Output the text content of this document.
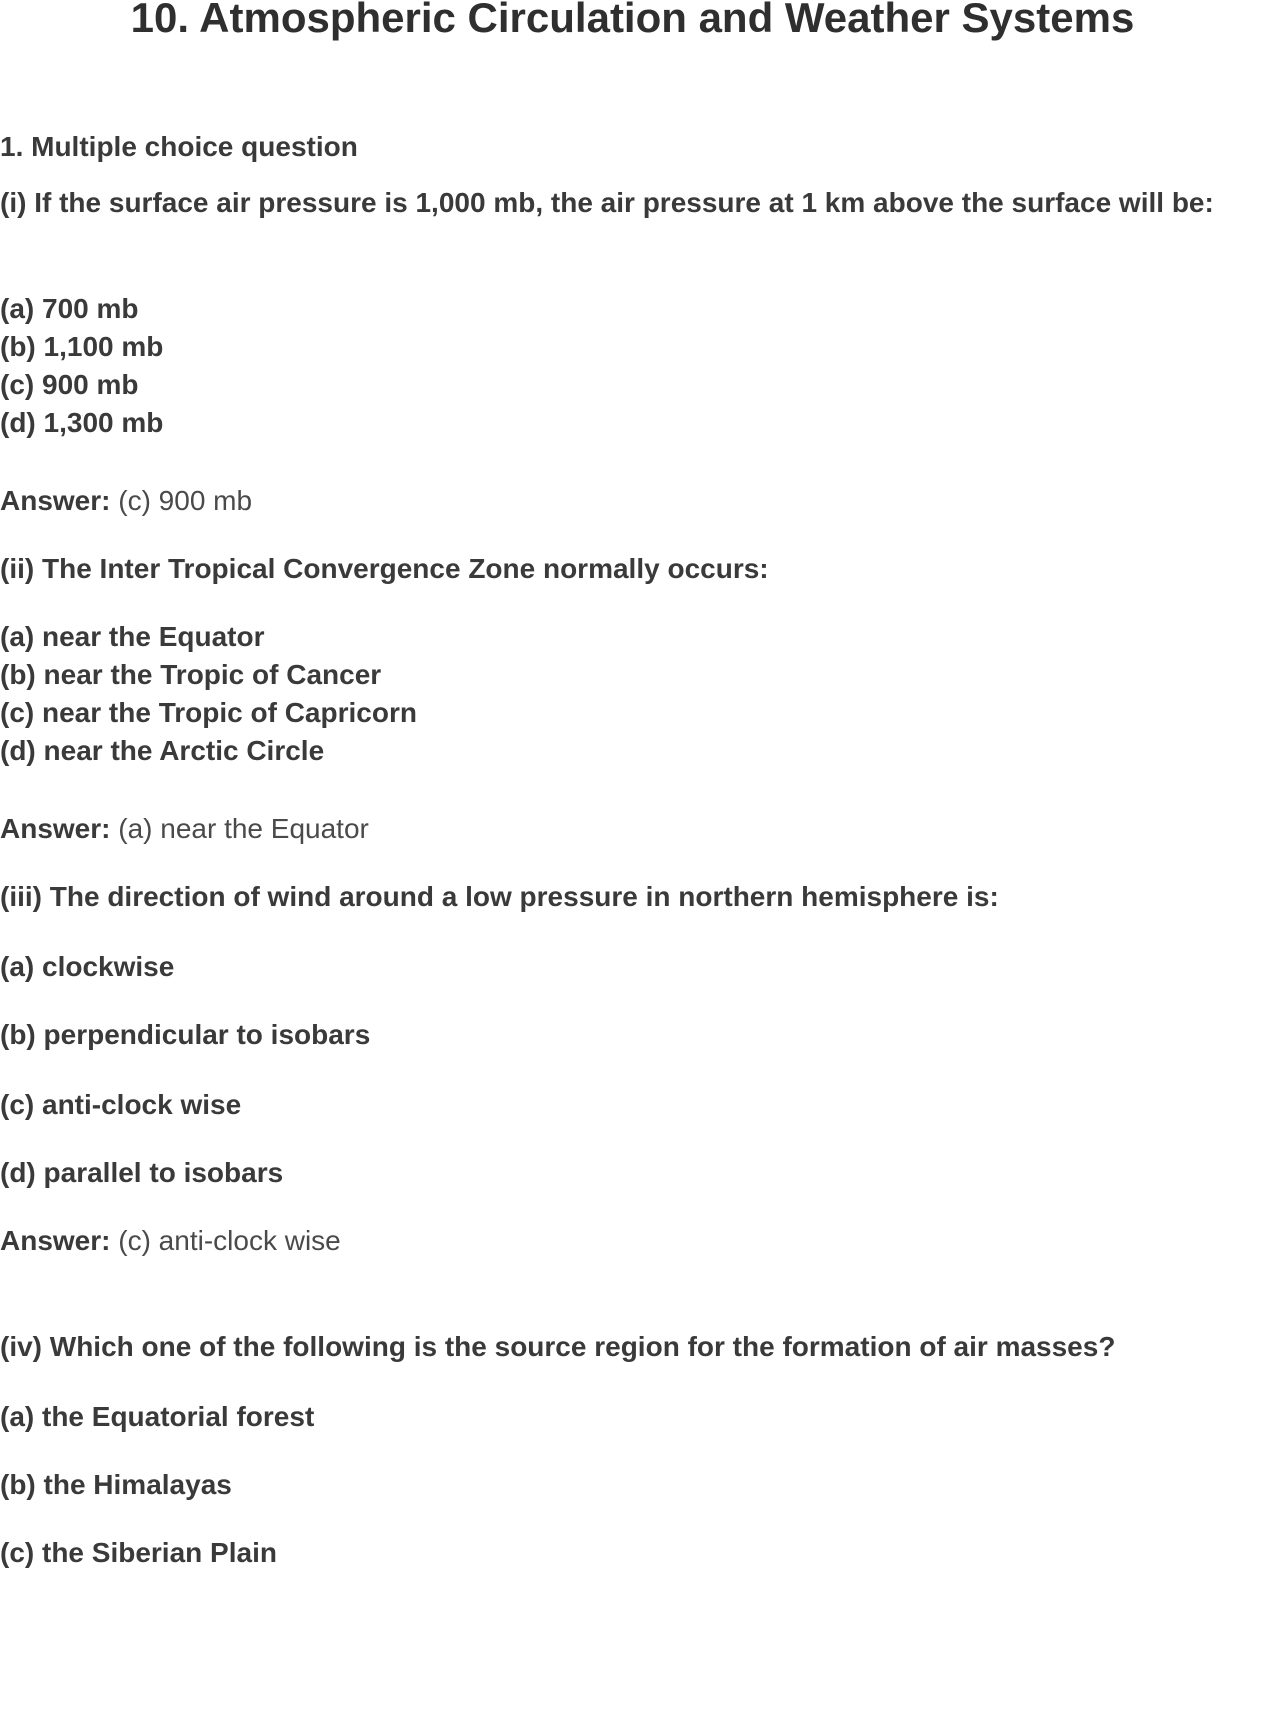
10. Atmospheric Circulation and Weather Systems

1. Multiple choice question

(i) If the surface air pressure is 1,000 mb, the air pressure at 1 km above the surface will be:

(a) 700 mb

(b) 1,100 mb

(c) 900 mb

(d) 1,300 mb

Answer: (c) 900 mb

(ii) The Inter Tropical Convergence Zone normally occurs:

(a) near the Equator

(b) near the Tropic of Cancer

(c) near the Tropic of Capricorn

(d) near the Arctic Circle

Answer: (a) near the Equator

(iii) The direction of wind around a low pressure in northern hemisphere is:

(a) clockwise

(b) perpendicular to isobars

(c) anti-clock wise

(d) parallel to isobars

Answer: (c) anti-clock wise

(iv) Which one of the following is the source region for the formation of air masses?

(a) the Equatorial forest

(b) the Himalayas

(c) the Siberian Plain
